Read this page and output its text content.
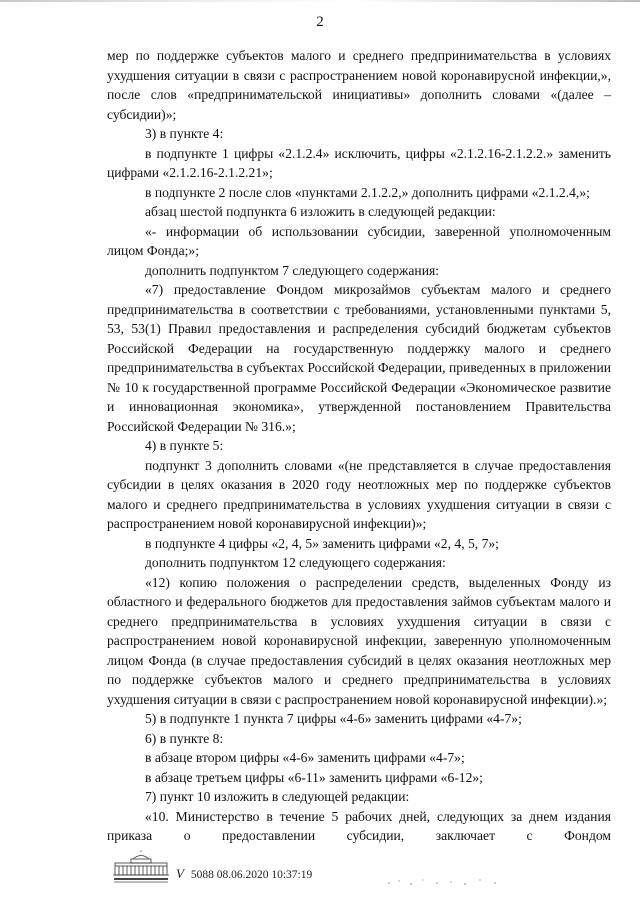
2

мер по поддержке субъектов малого и среднего предпринимательства в условиях ухудшения ситуации в связи с распространением новой коронавирусной инфекции,», после слов «предпринимательской инициативы» дополнить словами «(далее – субсидии)»;

3) в пункте 4:

в подпункте 1 цифры «2.1.2.4» исключить, цифры «2.1.2.16-2.1.2.2.» заменить цифрами «2.1.2.16-2.1.2.21»;

в подпункте 2 после слов «пунктами 2.1.2.2,» дополнить цифрами «2.1.2.4,»;

абзац шестой подпункта 6 изложить в следующей редакции:

«- информации об использовании субсидии, заверенной уполномоченным лицом Фонда;»;

дополнить подпунктом 7 следующего содержания:

«7) предоставление Фондом микрозаймов субъектам малого и среднего предпринимательства в соответствии с требованиями, установленными пунктами 5, 53, 53(1) Правил предоставления и распределения субсидий бюджетам субъектов Российской Федерации на государственную поддержку малого и среднего предпринимательства в субъектах Российской Федерации, приведенных в приложении № 10 к государственной программе Российской Федерации «Экономическое развитие и инновационная экономика», утвержденной постановлением Правительства Российской Федерации № 316.»;

4) в пункте 5:

подпункт 3 дополнить словами «(не представляется в случае предоставления субсидии в целях оказания в 2020 году неотложных мер по поддержке субъектов малого и среднего предпринимательства в условиях ухудшения ситуации в связи с распространением новой коронавирусной инфекции)»;

в подпункте 4 цифры «2, 4, 5» заменить цифрами «2, 4, 5, 7»;

дополнить подпунктом 12 следующего содержания:

«12) копию положения о распределении средств, выделенных Фонду из областного и федерального бюджетов для предоставления займов субъектам малого и среднего предпринимательства в условиях ухудшения ситуации в связи с распространением новой коронавирусной инфекции, заверенную уполномоченным лицом Фонда (в случае предоставления субсидий в целях оказания неотложных мер по поддержке субъектов малого и среднего предпринимательства в условиях ухудшения ситуации в связи с распространением новой коронавирусной инфекции).»;

5) в подпункте 1 пункта 7 цифры «4-6» заменить цифрами «4-7»;

6) в пункте 8:

в абзаце втором цифры «4-6» заменить цифрами «4-7»;

в абзаце третьем цифры «6-11» заменить цифрами «6-12»;

7) пункт 10 изложить в следующей редакции:

«10. Министерство в течение 5 рабочих дней, следующих за днем издания приказа о предоставлении субсидии, заключает с Фондом

V 5088 08.06.2020 10:37:19
